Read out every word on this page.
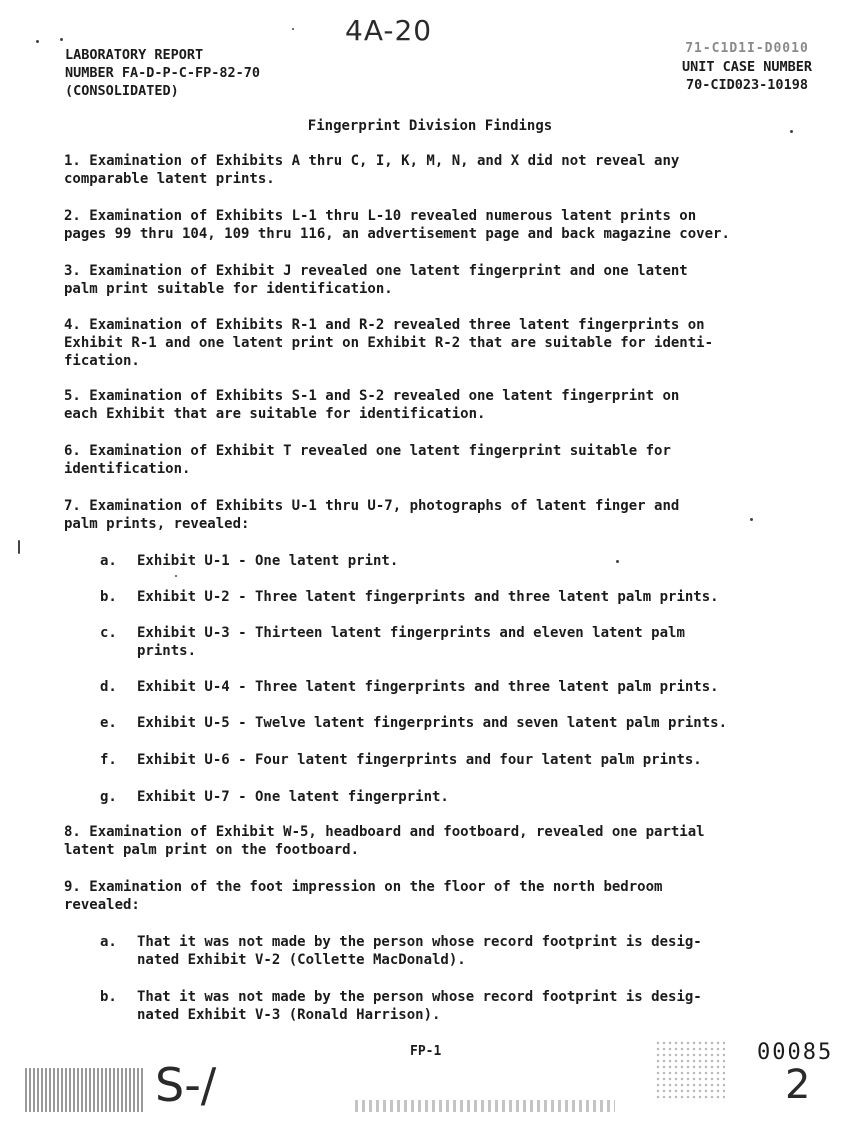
4A-20
LABORATORY REPORT
NUMBER FA-D-P-C-FP-82-70
(CONSOLIDATED)
71-C1D1I-D0010
UNIT CASE NUMBER
70-CID023-10198
Fingerprint Division Findings
1. Examination of Exhibits A thru C, I, K, M, N, and X did not reveal any
comparable latent prints.
2. Examination of Exhibits L-1 thru L-10 revealed numerous latent prints on
pages 99 thru 104, 109 thru 116, an advertisement page and back magazine cover.
3. Examination of Exhibit J revealed one latent fingerprint and one latent
palm print suitable for identification.
4. Examination of Exhibits R-1 and R-2 revealed three latent fingerprints on
Exhibit R-1 and one latent print on Exhibit R-2 that are suitable for identi-
fication.
5. Examination of Exhibits S-1 and S-2 revealed one latent fingerprint on
each Exhibit that are suitable for identification.
6. Examination of Exhibit T revealed one latent fingerprint suitable for
identification.
7. Examination of Exhibits U-1 thru U-7, photographs of latent finger and
palm prints, revealed:
a.	Exhibit U-1 - One latent print.
b.	Exhibit U-2 - Three latent fingerprints and three latent palm prints.
c.	Exhibit U-3 - Thirteen latent fingerprints and eleven latent palm
prints.
d.	Exhibit U-4 - Three latent fingerprints and three latent palm prints.
e.	Exhibit U-5 - Twelve latent fingerprints and seven latent palm prints.
f.	Exhibit U-6 - Four latent fingerprints and four latent palm prints.
g.	Exhibit U-7 - One latent fingerprint.
8. Examination of Exhibit W-5, headboard and footboard, revealed one partial
latent palm print on the footboard.
9. Examination of the foot impression on the floor of the north bedroom
revealed:
a.	That it was not made by the person whose record footprint is desig-
nated Exhibit V-2 (Collette MacDonald).
b.	That it was not made by the person whose record footprint is desig-
nated Exhibit V-3 (Ronald Harrison).
FP-1	00085
S-/	2
